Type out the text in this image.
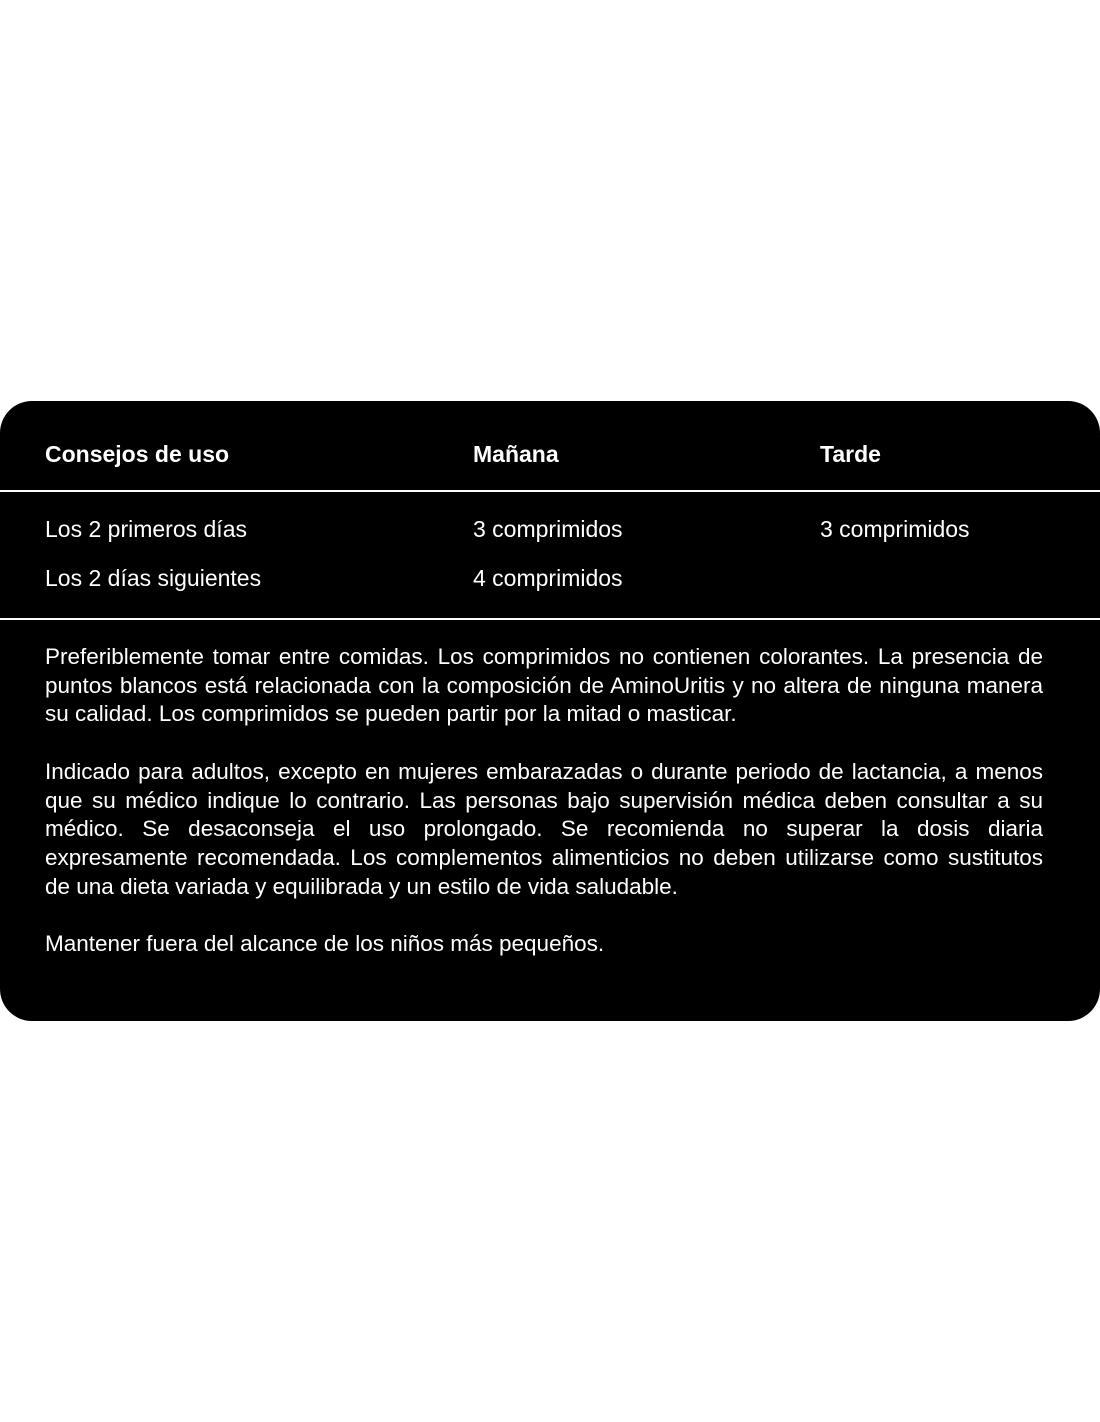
Consejos de uso	Mañana	Tarde
Los 2 primeros días	3 comprimidos	3 comprimidos
Los 2 días siguientes	4 comprimidos

Preferiblemente tomar entre comidas. Los comprimidos no contienen colorantes. La presencia de puntos blancos está relacionada con la composición de AminoUritis y no altera de ninguna manera su calidad. Los comprimidos se pueden partir por la mitad o masticar.

Indicado para adultos, excepto en mujeres embarazadas o durante periodo de lactancia, a menos que su médico indique lo contrario. Las personas bajo supervisión médica deben consultar a su médico. Se desaconseja el uso prolongado. Se recomienda no superar la dosis diaria expresamente recomendada. Los complementos alimenticios no deben utilizarse como sustitutos de una dieta variada y equilibrada y un estilo de vida saludable.

Mantener fuera del alcance de los niños más pequeños.
